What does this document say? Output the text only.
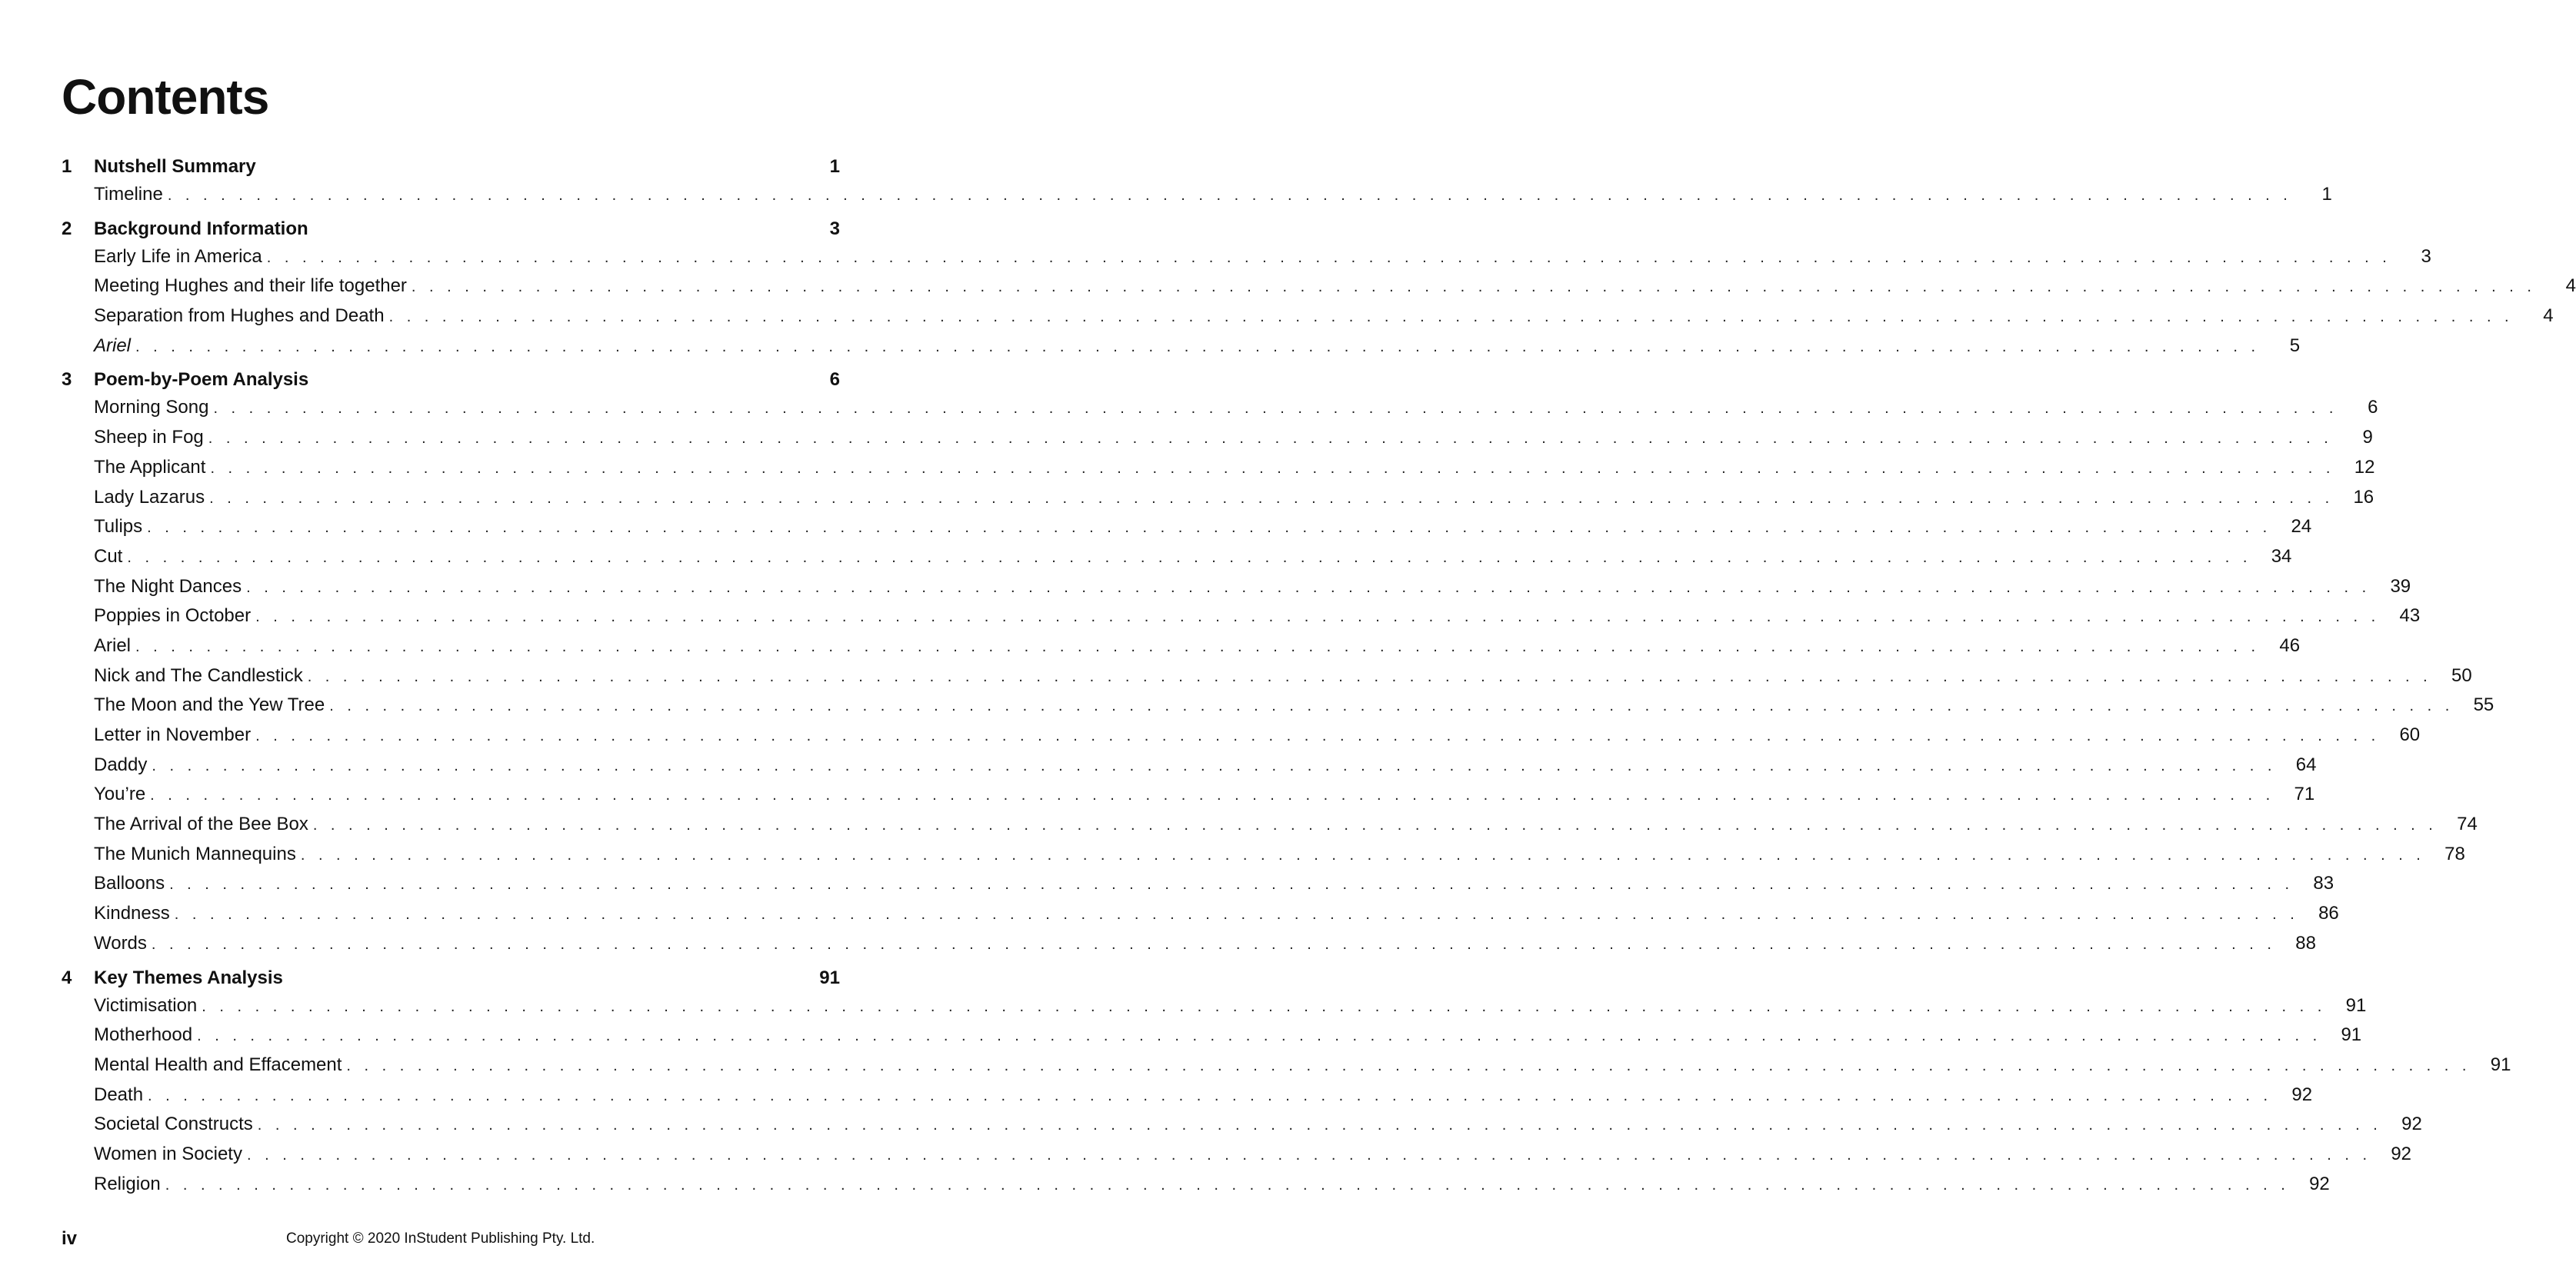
Contents
1	Nutshell Summary	1
Timeline . . . . . . . . . . . . . . . . . . . . . . . . . . . . . . . . . . . . . . . . . . . . . . . . . . . . . . . . . . . . . . . . . . . . . . . . . . . . . . . . . . . . . . . . . . . . . . . . . . . . . . . . . . . . . . . . . . . . . . . .	1
2	Background Information	3
Early Life in America . . . . . . . . . . . . . . . . . . . . . . . . . . . . . . . . . . . . . . . . . . . . . . . . . . . . . . . . . . . . . . . . . . . . . . . . . . . . . . . . . . . . . . . . . . . . . . . . . . . . . . . . . . . . . . . . . . . . . . . .	3
Meeting Hughes and their life together . . . . . . . . . . . . . . . . . . . . . . . . . . . . . . . . . . . . . . . . . . . . . . . . . . . . . . . . . . . . . . . . . . . . . . . . . . . . . . . . . . . . . . . . . . . . . . . . . . . . . . . . . . . . . . . . . . . . . . . .	4
Separation from Hughes and Death . . . . . . . . . . . . . . . . . . . . . . . . . . . . . . . . . . . . . . . . . . . . . . . . . . . . . . . . . . . . . . . . . . . . . . . . . . . . . . . . . . . . . . . . . . . . . . . . . . . . . . . . . . . . . . . . . . . . . . . .	4
Ariel . . . . . . . . . . . . . . . . . . . . . . . . . . . . . . . . . . . . . . . . . . . . . . . . . . . . . . . . . . . . . . . . . . . . . . . . . . . . . . . . . . . . . . . . . . . . . . . . . . . . . . . . . . . . . . . . . . . . . . . .	5
3	Poem-by-Poem Analysis	6
Morning Song . . . . . . . . . . . . . . . . . . . . . . . . . . . . . . . . . . . . . . . . . . . . . . . . . . . . . . . . . . . . . . . . . . . . . . . . . . . . . . . . . . . . . . . . . . . . . . . . . . . . . . . . . . . . . . . . . . . . . . . .	6
Sheep in Fog . . . . . . . . . . . . . . . . . . . . . . . . . . . . . . . . . . . . . . . . . . . . . . . . . . . . . . . . . . . . . . . . . . . . . . . . . . . . . . . . . . . . . . . . . . . . . . . . . . . . . . . . . . . . . . . . . . . . . . . .	9
The Applicant . . . . . . . . . . . . . . . . . . . . . . . . . . . . . . . . . . . . . . . . . . . . . . . . . . . . . . . . . . . . . . . . . . . . . . . . . . . . . . . . . . . . . . . . . . . . . . . . . . . . . . . . . . . . . . . . . . . . . . . .	12
Lady Lazarus . . . . . . . . . . . . . . . . . . . . . . . . . . . . . . . . . . . . . . . . . . . . . . . . . . . . . . . . . . . . . . . . . . . . . . . . . . . . . . . . . . . . . . . . . . . . . . . . . . . . . . . . . . . . . . . . . . . . . . . .	16
Tulips . . . . . . . . . . . . . . . . . . . . . . . . . . . . . . . . . . . . . . . . . . . . . . . . . . . . . . . . . . . . . . . . . . . . . . . . . . . . . . . . . . . . . . . . . . . . . . . . . . . . . . . . . . . . . . . . . . . . . . . .	24
Cut . . . . . . . . . . . . . . . . . . . . . . . . . . . . . . . . . . . . . . . . . . . . . . . . . . . . . . . . . . . . . . . . . . . . . . . . . . . . . . . . . . . . . . . . . . . . . . . . . . . . . . . . . . . . . . . . . . . . . . . .	34
The Night Dances . . . . . . . . . . . . . . . . . . . . . . . . . . . . . . . . . . . . . . . . . . . . . . . . . . . . . . . . . . . . . . . . . . . . . . . . . . . . . . . . . . . . . . . . . . . . . . . . . . . . . . . . . . . . . . . . . . . . . . . .	39
Poppies in October . . . . . . . . . . . . . . . . . . . . . . . . . . . . . . . . . . . . . . . . . . . . . . . . . . . . . . . . . . . . . . . . . . . . . . . . . . . . . . . . . . . . . . . . . . . . . . . . . . . . . . . . . . . . . . . . . . . . . . . .	43
Ariel . . . . . . . . . . . . . . . . . . . . . . . . . . . . . . . . . . . . . . . . . . . . . . . . . . . . . . . . . . . . . . . . . . . . . . . . . . . . . . . . . . . . . . . . . . . . . . . . . . . . . . . . . . . . . . . . . . . . . . . .	46
Nick and The Candlestick . . . . . . . . . . . . . . . . . . . . . . . . . . . . . . . . . . . . . . . . . . . . . . . . . . . . . . . . . . . . . . . . . . . . . . . . . . . . . . . . . . . . . . . . . . . . . . . . . . . . . . . . . . . . . . . . . . . . . . . .	50
The Moon and the Yew Tree . . . . . . . . . . . . . . . . . . . . . . . . . . . . . . . . . . . . . . . . . . . . . . . . . . . . . . . . . . . . . . . . . . . . . . . . . . . . . . . . . . . . . . . . . . . . . . . . . . . . . . . . . . . . . . . . . . . . . . . .	55
Letter in November . . . . . . . . . . . . . . . . . . . . . . . . . . . . . . . . . . . . . . . . . . . . . . . . . . . . . . . . . . . . . . . . . . . . . . . . . . . . . . . . . . . . . . . . . . . . . . . . . . . . . . . . . . . . . . . . . . . . . . . .	60
Daddy . . . . . . . . . . . . . . . . . . . . . . . . . . . . . . . . . . . . . . . . . . . . . . . . . . . . . . . . . . . . . . . . . . . . . . . . . . . . . . . . . . . . . . . . . . . . . . . . . . . . . . . . . . . . . . . . . . . . . . . .	64
You’re . . . . . . . . . . . . . . . . . . . . . . . . . . . . . . . . . . . . . . . . . . . . . . . . . . . . . . . . . . . . . . . . . . . . . . . . . . . . . . . . . . . . . . . . . . . . . . . . . . . . . . . . . . . . . . . . . . . . . . . .	71
The Arrival of the Bee Box . . . . . . . . . . . . . . . . . . . . . . . . . . . . . . . . . . . . . . . . . . . . . . . . . . . . . . . . . . . . . . . . . . . . . . . . . . . . . . . . . . . . . . . . . . . . . . . . . . . . . . . . . . . . . . . . . . . . . . . .	74
The Munich Mannequins . . . . . . . . . . . . . . . . . . . . . . . . . . . . . . . . . . . . . . . . . . . . . . . . . . . . . . . . . . . . . . . . . . . . . . . . . . . . . . . . . . . . . . . . . . . . . . . . . . . . . . . . . . . . . . . . . . . . . . . .	78
Balloons . . . . . . . . . . . . . . . . . . . . . . . . . . . . . . . . . . . . . . . . . . . . . . . . . . . . . . . . . . . . . . . . . . . . . . . . . . . . . . . . . . . . . . . . . . . . . . . . . . . . . . . . . . . . . . . . . . . . . . . .	83
Kindness . . . . . . . . . . . . . . . . . . . . . . . . . . . . . . . . . . . . . . . . . . . . . . . . . . . . . . . . . . . . . . . . . . . . . . . . . . . . . . . . . . . . . . . . . . . . . . . . . . . . . . . . . . . . . . . . . . . . . . . .	86
Words . . . . . . . . . . . . . . . . . . . . . . . . . . . . . . . . . . . . . . . . . . . . . . . . . . . . . . . . . . . . . . . . . . . . . . . . . . . . . . . . . . . . . . . . . . . . . . . . . . . . . . . . . . . . . . . . . . . . . . . .	88
4	Key Themes Analysis	91
Victimisation . . . . . . . . . . . . . . . . . . . . . . . . . . . . . . . . . . . . . . . . . . . . . . . . . . . . . . . . . . . . . . . . . . . . . . . . . . . . . . . . . . . . . . . . . . . . . . . . . . . . . . . . . . . . . . . . . . . . . . . .	91
Motherhood . . . . . . . . . . . . . . . . . . . . . . . . . . . . . . . . . . . . . . . . . . . . . . . . . . . . . . . . . . . . . . . . . . . . . . . . . . . . . . . . . . . . . . . . . . . . . . . . . . . . . . . . . . . . . . . . . . . . . . . .	91
Mental Health and Effacement . . . . . . . . . . . . . . . . . . . . . . . . . . . . . . . . . . . . . . . . . . . . . . . . . . . . . . . . . . . . . . . . . . . . . . . . . . . . . . . . . . . . . . . . . . . . . . . . . . . . . . . . . . . . . . . . . . . . . . . .	91
Death . . . . . . . . . . . . . . . . . . . . . . . . . . . . . . . . . . . . . . . . . . . . . . . . . . . . . . . . . . . . . . . . . . . . . . . . . . . . . . . . . . . . . . . . . . . . . . . . . . . . . . . . . . . . . . . . . . . . . . . .	92
Societal Constructs . . . . . . . . . . . . . . . . . . . . . . . . . . . . . . . . . . . . . . . . . . . . . . . . . . . . . . . . . . . . . . . . . . . . . . . . . . . . . . . . . . . . . . . . . . . . . . . . . . . . . . . . . . . . . . . . . . . . . . . .	92
Women in Society . . . . . . . . . . . . . . . . . . . . . . . . . . . . . . . . . . . . . . . . . . . . . . . . . . . . . . . . . . . . . . . . . . . . . . . . . . . . . . . . . . . . . . . . . . . . . . . . . . . . . . . . . . . . . . . . . . . . . . . .	92
Religion . . . . . . . . . . . . . . . . . . . . . . . . . . . . . . . . . . . . . . . . . . . . . . . . . . . . . . . . . . . . . . . . . . . . . . . . . . . . . . . . . . . . . . . . . . . . . . . . . . . . . . . . . . . . . . . . . . . . . . . .	92
iv	Copyright © 2020 InStudent Publishing Pty. Ltd.
